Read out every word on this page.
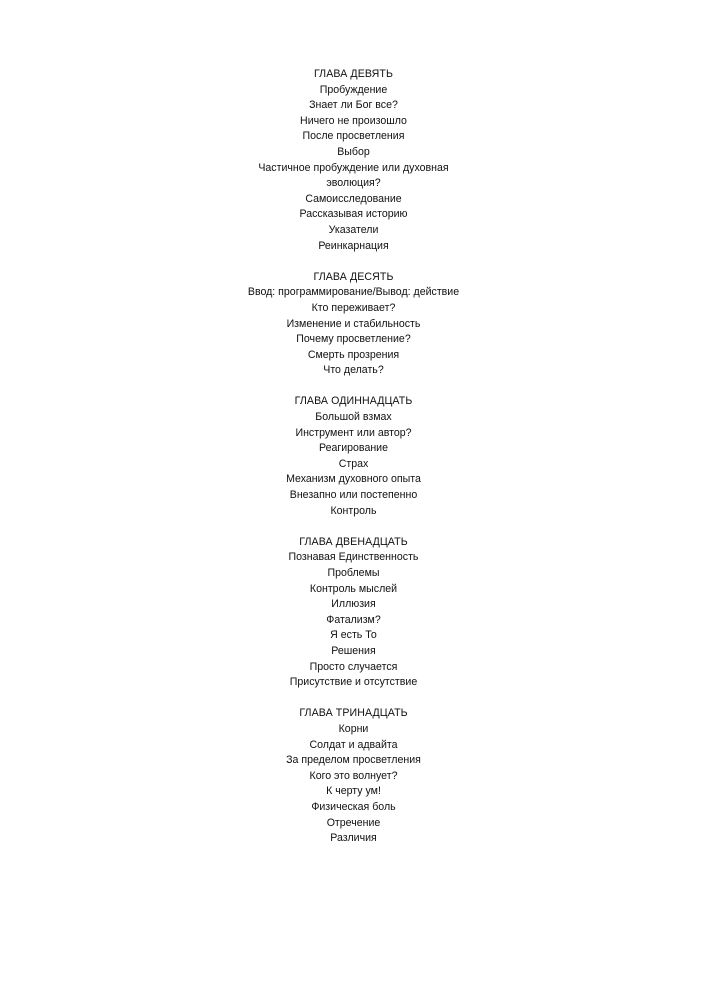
ГЛАВА ДЕВЯТЬ
Пробуждение
Знает ли Бог все?
Ничего не произошло
После просветления
Выбор
Частичное пробуждение или духовная
эволюция?
Самоисследование
Рассказывая историю
Указатели
Реинкарнация
ГЛАВА ДЕСЯТЬ
Ввод: программирование/Вывод: действие
Кто переживает?
Изменение и стабильность
Почему просветление?
Смерть прозрения
Что делать?
ГЛАВА ОДИННАДЦАТЬ
Большой взмах
Инструмент или автор?
Реагирование
Страх
Механизм духовного опыта
Внезапно или постепенно
Контроль
ГЛАВА ДВЕНАДЦАТЬ
Познавая Единственность
Проблемы
Контроль мыслей
Иллюзия
Фатализм?
Я есть То
Решения
Просто случается
Присутствие и отсутствие
ГЛАВА ТРИНАДЦАТЬ
Корни
Солдат и адвайта
За пределом просветления
Кого это волнует?
К черту ум!
Физическая боль
Отречение
Различия
